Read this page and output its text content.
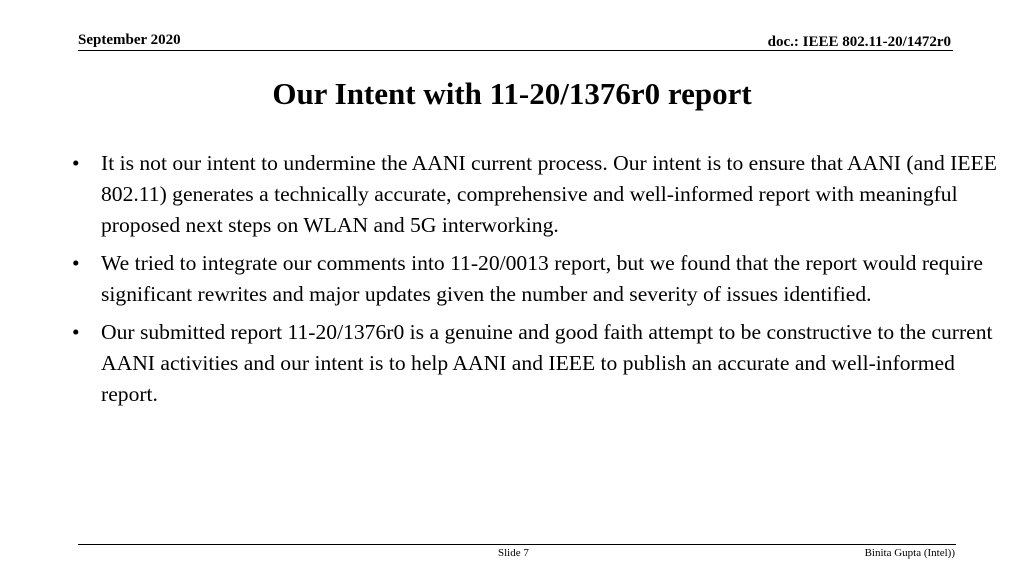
September 2020	doc.: IEEE 802.11-20/1472r0
Our Intent with 11-20/1376r0 report
• It is not our intent to undermine the AANI current process. Our intent is to ensure that AANI (and IEEE 802.11) generates a technically accurate, comprehensive and well-informed report with meaningful proposed next steps on WLAN and 5G interworking.
• We tried to integrate our comments into 11-20/0013 report, but we found that the report would require significant rewrites and major updates given the number and severity of issues identified.
• Our submitted report 11-20/1376r0 is a genuine and good faith attempt to be constructive to the current AANI activities and our intent is to help AANI and IEEE to publish an accurate and well-informed report.
Slide 7	Binita Gupta (Intel))
